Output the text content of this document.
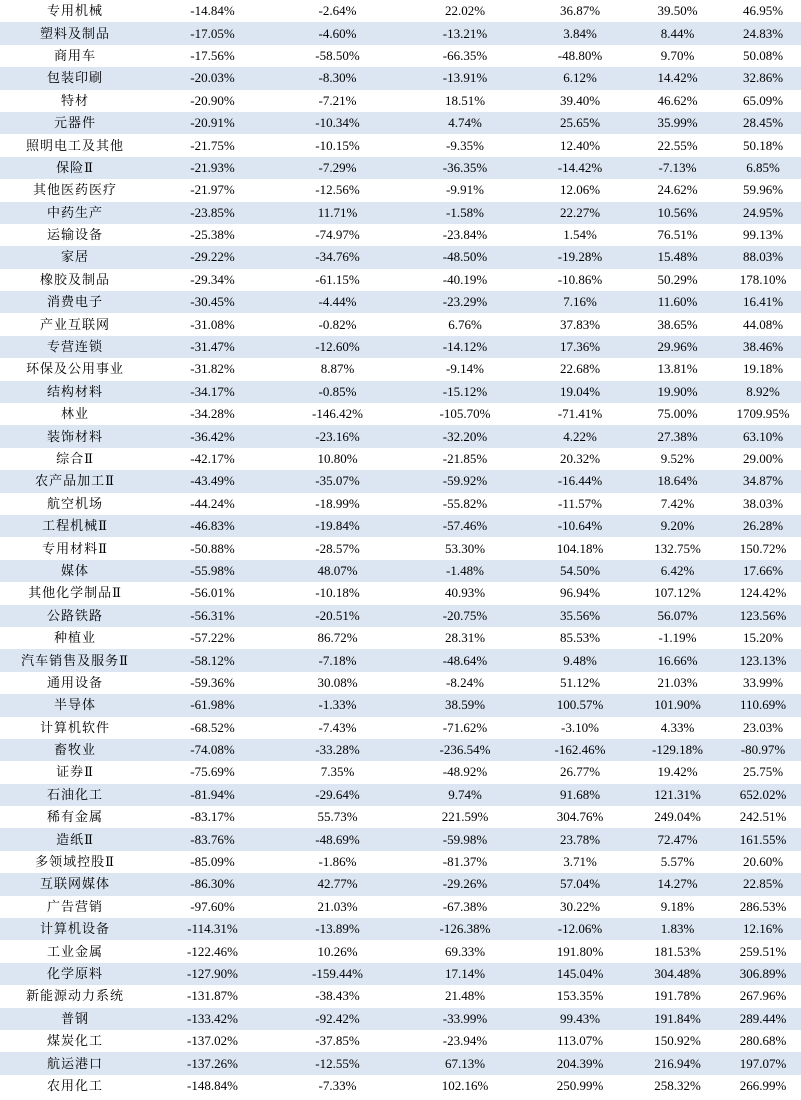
专用机械	-14.84%	-2.64%	22.02%	36.87%	39.50%	46.95%
塑料及制品	-17.05%	-4.60%	-13.21%	3.84%	8.44%	24.83%
商用车	-17.56%	-58.50%	-66.35%	-48.80%	9.70%	50.08%
包装印刷	-20.03%	-8.30%	-13.91%	6.12%	14.42%	32.86%
特材	-20.90%	-7.21%	18.51%	39.40%	46.62%	65.09%
元器件	-20.91%	-10.34%	4.74%	25.65%	35.99%	28.45%
照明电工及其他	-21.75%	-10.15%	-9.35%	12.40%	22.55%	50.18%
保险Ⅱ	-21.93%	-7.29%	-36.35%	-14.42%	-7.13%	6.85%
其他医药医疗	-21.97%	-12.56%	-9.91%	12.06%	24.62%	59.96%
中药生产	-23.85%	11.71%	-1.58%	22.27%	10.56%	24.95%
运输设备	-25.38%	-74.97%	-23.84%	1.54%	76.51%	99.13%
家居	-29.22%	-34.76%	-48.50%	-19.28%	15.48%	88.03%
橡胶及制品	-29.34%	-61.15%	-40.19%	-10.86%	50.29%	178.10%
消费电子	-30.45%	-4.44%	-23.29%	7.16%	11.60%	16.41%
产业互联网	-31.08%	-0.82%	6.76%	37.83%	38.65%	44.08%
专营连锁	-31.47%	-12.60%	-14.12%	17.36%	29.96%	38.46%
环保及公用事业	-31.82%	8.87%	-9.14%	22.68%	13.81%	19.18%
结构材料	-34.17%	-0.85%	-15.12%	19.04%	19.90%	8.92%
林业	-34.28%	-146.42%	-105.70%	-71.41%	75.00%	1709.95%
装饰材料	-36.42%	-23.16%	-32.20%	4.22%	27.38%	63.10%
综合Ⅱ	-42.17%	10.80%	-21.85%	20.32%	9.52%	29.00%
农产品加工Ⅱ	-43.49%	-35.07%	-59.92%	-16.44%	18.64%	34.87%
航空机场	-44.24%	-18.99%	-55.82%	-11.57%	7.42%	38.03%
工程机械Ⅱ	-46.83%	-19.84%	-57.46%	-10.64%	9.20%	26.28%
专用材料Ⅱ	-50.88%	-28.57%	53.30%	104.18%	132.75%	150.72%
媒体	-55.98%	48.07%	-1.48%	54.50%	6.42%	17.66%
其他化学制品Ⅱ	-56.01%	-10.18%	40.93%	96.94%	107.12%	124.42%
公路铁路	-56.31%	-20.51%	-20.75%	35.56%	56.07%	123.56%
种植业	-57.22%	86.72%	28.31%	85.53%	-1.19%	15.20%
汽车销售及服务Ⅱ	-58.12%	-7.18%	-48.64%	9.48%	16.66%	123.13%
通用设备	-59.36%	30.08%	-8.24%	51.12%	21.03%	33.99%
半导体	-61.98%	-1.33%	38.59%	100.57%	101.90%	110.69%
计算机软件	-68.52%	-7.43%	-71.62%	-3.10%	4.33%	23.03%
畜牧业	-74.08%	-33.28%	-236.54%	-162.46%	-129.18%	-80.97%
证券Ⅱ	-75.69%	7.35%	-48.92%	26.77%	19.42%	25.75%
石油化工	-81.94%	-29.64%	9.74%	91.68%	121.31%	652.02%
稀有金属	-83.17%	55.73%	221.59%	304.76%	249.04%	242.51%
造纸Ⅱ	-83.76%	-48.69%	-59.98%	23.78%	72.47%	161.55%
多领域控股Ⅱ	-85.09%	-1.86%	-81.37%	3.71%	5.57%	20.60%
互联网媒体	-86.30%	42.77%	-29.26%	57.04%	14.27%	22.85%
广告营销	-97.60%	21.03%	-67.38%	30.22%	9.18%	286.53%
计算机设备	-114.31%	-13.89%	-126.38%	-12.06%	1.83%	12.16%
工业金属	-122.46%	10.26%	69.33%	191.80%	181.53%	259.51%
化学原料	-127.90%	-159.44%	17.14%	145.04%	304.48%	306.89%
新能源动力系统	-131.87%	-38.43%	21.48%	153.35%	191.78%	267.96%
普钢	-133.42%	-92.42%	-33.99%	99.43%	191.84%	289.44%
煤炭化工	-137.02%	-37.85%	-23.94%	113.07%	150.92%	280.68%
航运港口	-137.26%	-12.55%	67.13%	204.39%	216.94%	197.07%
农用化工	-148.84%	-7.33%	102.16%	250.99%	258.32%	266.99%
